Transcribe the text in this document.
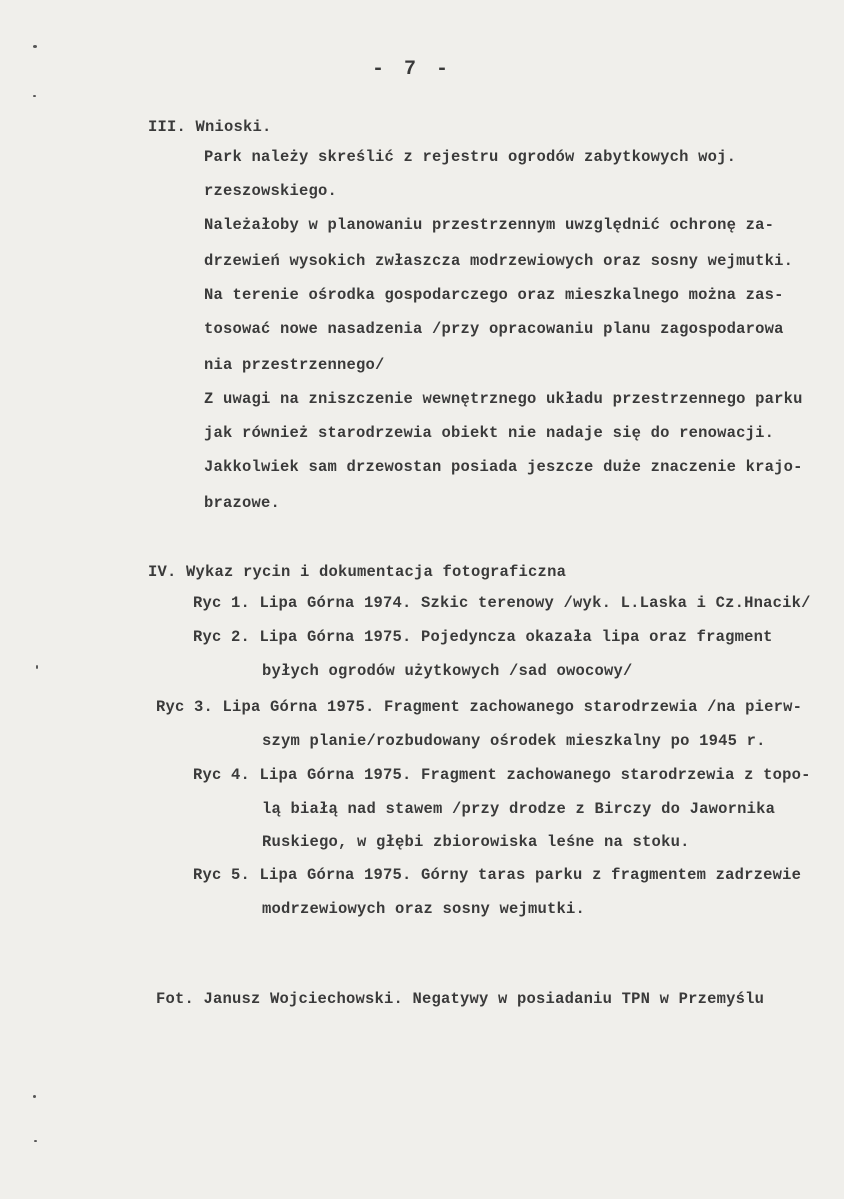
- 7 -
III. Wnioski.
Park należy skreślić z rejestru ogrodów zabytkowych woj.
rzeszowskiego.
Należałoby w planowaniu przestrzennym uwzględnić ochronę za-
drzewień wysokich zwłaszcza modrzewiowych oraz sosny wejmutki.
Na terenie ośrodka gospodarczego oraz mieszkalnego można zas-
tosować nowe nasadzenia /przy opracowaniu planu zagospodarowa
nia przestrzennego/
Z uwagi na zniszczenie wewnętrznego układu przestrzennego parku
jak również starodrzewia obiekt nie nadaje się do renowacji.
Jakkolwiek sam drzewostan posiada jeszcze duże znaczenie krajo-
brazowe.
IV. Wykaz rycin i dokumentacja fotograficzna
Ryc 1. Lipa Górna 1974. Szkic terenowy /wyk. L.Laska i Cz.Hnacik/
Ryc 2. Lipa Górna 1975. Pojedyncza okazała lipa oraz fragment
byłych ogrodów użytkowych /sad owocowy/
Ryc 3. Lipa Górna 1975. Fragment zachowanego starodrzewia /na pierw-
szym planie/rozbudowany ośrodek mieszkalny po 1945 r.
Ryc 4. Lipa Górna 1975. Fragment zachowanego starodrzewia z topo-
lą białą nad stawem /przy drodze z Birczy do Jawornika
Ruskiego, w głębi zbiorowiska leśne na stoku.
Ryc 5. Lipa Górna 1975. Górny taras parku z fragmentem zadrzewie
modrzewiowych oraz sosny wejmutki.
Fot. Janusz Wojciechowski. Negatywy w posiadaniu TPN w Przemyślu
